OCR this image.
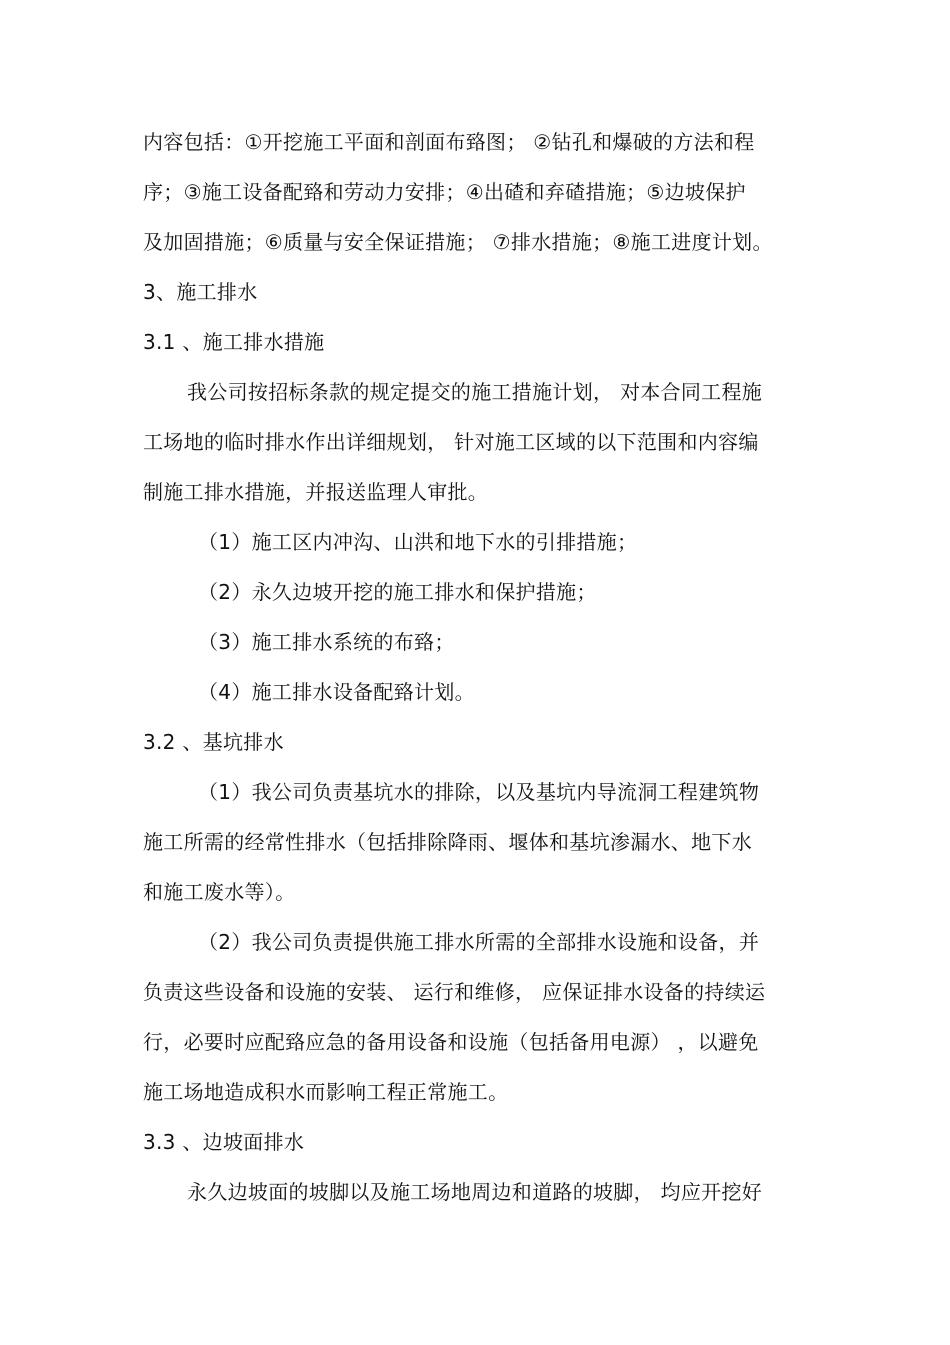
内容包括：①开挖施工平面和剖面布臵图； ②钻孔和爆破的方法和程
序；③施工设备配臵和劳动力安排；④出碴和弃碴措施；⑤边坡保护
及加固措施；⑥质量与安全保证措施； ⑦排水措施；⑧施工进度计划。
3、施工排水
3.1 、施工排水措施
我公司按招标条款的规定提交的施工措施计划， 对本合同工程施
工场地的临时排水作出详细规划， 针对施工区域的以下范围和内容编
制施工排水措施，并报送监理人审批。
（1）施工区内冲沟、山洪和地下水的引排措施；
（2）永久边坡开挖的施工排水和保护措施；
（3）施工排水系统的布臵；
（4）施工排水设备配臵计划。
3.2 、基坑排水
（1）我公司负责基坑水的排除，以及基坑内导流洞工程建筑物
施工所需的经常性排水（包括排除降雨、堰体和基坑渗漏水、地下水
和施工废水等）。
（2）我公司负责提供施工排水所需的全部排水设施和设备，并
负责这些设备和设施的安装、 运行和维修， 应保证排水设备的持续运
行，必要时应配臵应急的备用设备和设施（包括备用电源） ，以避免
施工场地造成积水而影响工程正常施工。
3.3 、边坡面排水
永久边坡面的坡脚以及施工场地周边和道路的坡脚， 均应开挖好
